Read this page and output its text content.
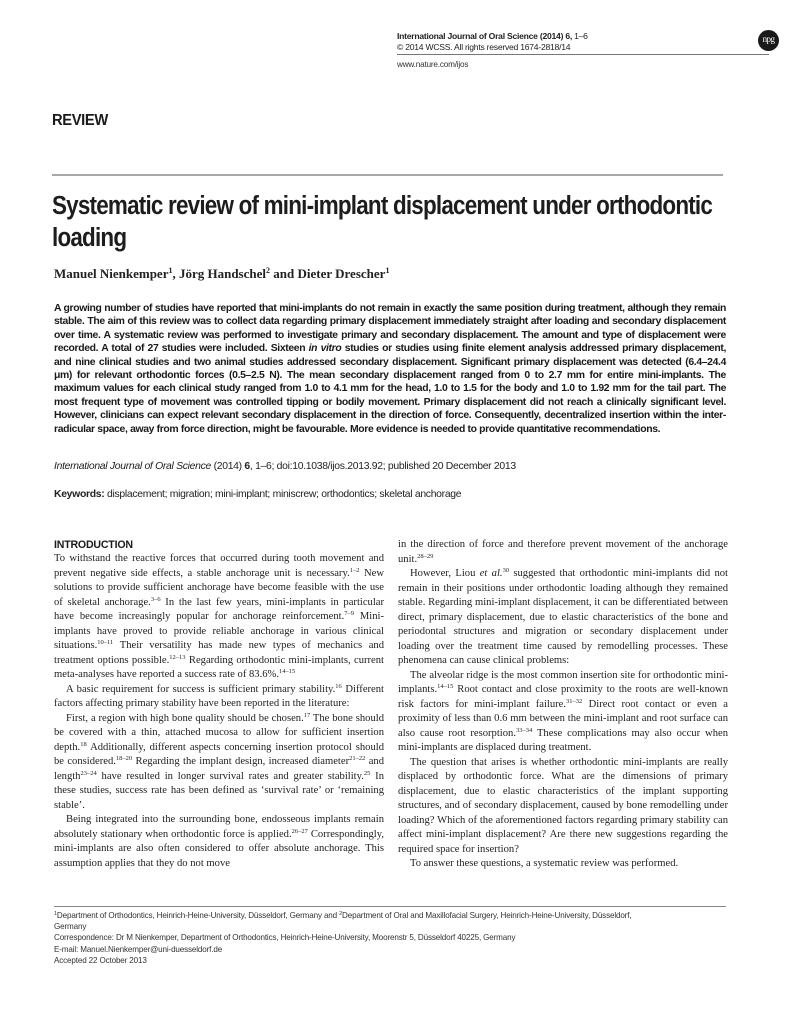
International Journal of Oral Science (2014) 6, 1–6
© 2014 WCSS. All rights reserved 1674-2818/14
www.nature.com/ijos
npg
REVIEW
Systematic review of mini-implant displacement under orthodontic loading
Manuel Nienkemper$^1$, Jörg Handschel$^2$ and Dieter Drescher$^1$
A growing number of studies have reported that mini-implants do not remain in exactly the same position during treatment, although they remain stable. The aim of this review was to collect data regarding primary displacement immediately straight after loading and secondary displacement over time. A systematic review was performed to investigate primary and secondary displacement. The amount and type of displacement were recorded. A total of 27 studies were included. Sixteen in vitro studies or studies using finite element analysis addressed primary displacement, and nine clinical studies and two animal studies addressed secondary displacement. Significant primary displacement was detected (6.4–24.4 μm) for relevant orthodontic forces (0.5–2.5 N). The mean secondary displacement ranged from 0 to 2.7 mm for entire mini-implants. The maximum values for each clinical study ranged from 1.0 to 4.1 mm for the head, 1.0 to 1.5 for the body and 1.0 to 1.92 mm for the tail part. The most frequent type of movement was controlled tipping or bodily movement. Primary displacement did not reach a clinically significant level. However, clinicians can expect relevant secondary displacement in the direction of force. Consequently, decentralized insertion within the inter-radicular space, away from force direction, might be favourable. More evidence is needed to provide quantitative recommendations.
International Journal of Oral Science (2014) 6, 1–6; doi:10.1038/ijos.2013.92; published 20 December 2013
Keywords: displacement; migration; mini-implant; miniscrew; orthodontics; skeletal anchorage
INTRODUCTION

To withstand the reactive forces that occurred during tooth movement and prevent negative side effects, a stable anchorage unit is necessary.$^{1-2}$ New solutions to provide sufficient anchorage have become feasible with the use of skeletal anchorage.$^{3-6}$ In the last few years, mini-implants in particular have become increasingly popular for anchorage reinforcement.$^{7-9}$ Mini-implants have proved to provide reliable anchorage in various clinical situations.$^{10-11}$ Their versatility has made new types of mechanics and treatment options possible.$^{12-13}$ Regarding orthodontic mini-implants, current meta-analyses have reported a success rate of 83.6%.$^{14-15}$

A basic requirement for success is sufficient primary stability.$^{16}$ Different factors affecting primary stability have been reported in the literature:

First, a region with high bone quality should be chosen.$^{17}$ The bone should be covered with a thin, attached mucosa to allow for sufficient insertion depth.$^{18}$ Additionally, different aspects concerning insertion protocol should be considered.$^{18-20}$ Regarding the implant design, increased diameter$^{21-22}$ and length$^{23-24}$ have resulted in longer survival rates and greater stability.$^{25}$ In these studies, success rate has been defined as ‘survival rate’ or ‘remaining stable’.

Being integrated into the surrounding bone, endosseous implants remain absolutely stationary when orthodontic force is applied.$^{26-27}$ Correspondingly, mini-implants are also often considered to offer absolute anchorage. This assumption applies that they do not move

in the direction of force and therefore prevent movement of the anchorage unit.$^{28-29}$

However, Liou et al.$^{30}$ suggested that orthodontic mini-implants did not remain in their positions under orthodontic loading although they remained stable. Regarding mini-implant displacement, it can be differentiated between direct, primary displacement, due to elastic characteristics of the bone and periodontal structures and migration or secondary displacement under loading over the treatment time caused by remodelling processes. These phenomena can cause clinical problems:

The alveolar ridge is the most common insertion site for orthodontic mini-implants.$^{14-15}$ Root contact and close proximity to the roots are well-known risk factors for mini-implant failure.$^{31-32}$ Direct root contact or even a proximity of less than 0.6 mm between the mini-implant and root surface can also cause root resorption.$^{33-34}$ These complications may also occur when mini-implants are displaced during treatment.

The question that arises is whether orthodontic mini-implants are really displaced by orthodontic force. What are the dimensions of primary displacement, due to elastic characteristics of the implant supporting structures, and of secondary displacement, caused by bone remodelling under loading? Which of the aforementioned factors regarding primary stability can affect mini-implant displacement? Are there new suggestions regarding the required space for insertion?

To answer these questions, a systematic review was performed.

$^1$Department of Orthodontics, Heinrich-Heine-University, Düsseldorf, Germany and $^2$Department of Oral and Maxillofacial Surgery, Heinrich-Heine-University, Düsseldorf,
Germany
Correspondence: Dr M Nienkemper, Department of Orthodontics, Heinrich-Heine-University, Moorenstr 5, Düsseldorf 40225, Germany
E-mail: Manuel.Nienkemper@uni-duesseldorf.de
Accepted 22 October 2013
